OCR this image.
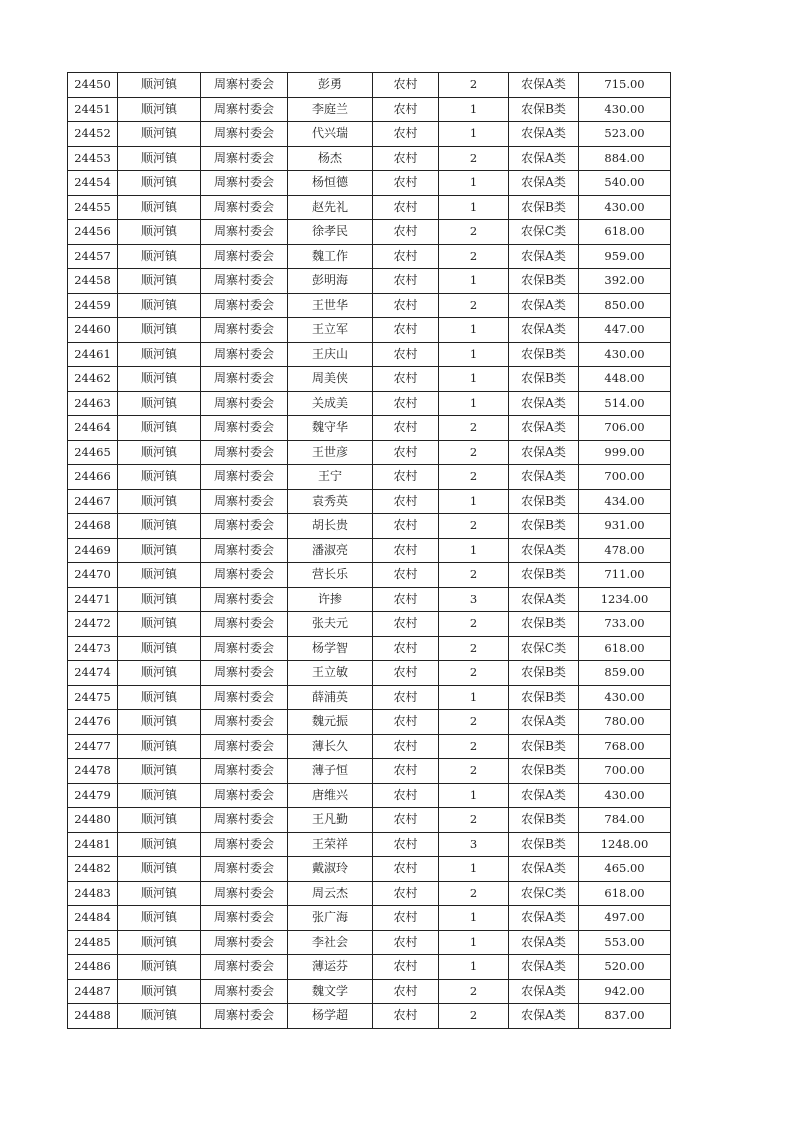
24450	顺河镇	周寨村委会	彭勇	农村	2	农保A类	715.00
24451	顺河镇	周寨村委会	李庭兰	农村	1	农保B类	430.00
24452	顺河镇	周寨村委会	代兴瑞	农村	1	农保A类	523.00
24453	顺河镇	周寨村委会	杨杰	农村	2	农保A类	884.00
24454	顺河镇	周寨村委会	杨恒德	农村	1	农保A类	540.00
24455	顺河镇	周寨村委会	赵先礼	农村	1	农保B类	430.00
24456	顺河镇	周寨村委会	徐孝民	农村	2	农保C类	618.00
24457	顺河镇	周寨村委会	魏工作	农村	2	农保A类	959.00
24458	顺河镇	周寨村委会	彭明海	农村	1	农保B类	392.00
24459	顺河镇	周寨村委会	王世华	农村	2	农保A类	850.00
24460	顺河镇	周寨村委会	王立军	农村	1	农保A类	447.00
24461	顺河镇	周寨村委会	王庆山	农村	1	农保B类	430.00
24462	顺河镇	周寨村委会	周美侠	农村	1	农保B类	448.00
24463	顺河镇	周寨村委会	关成美	农村	1	农保A类	514.00
24464	顺河镇	周寨村委会	魏守华	农村	2	农保A类	706.00
24465	顺河镇	周寨村委会	王世彦	农村	2	农保A类	999.00
24466	顺河镇	周寨村委会	王宁	农村	2	农保A类	700.00
24467	顺河镇	周寨村委会	袁秀英	农村	1	农保B类	434.00
24468	顺河镇	周寨村委会	胡长贵	农村	2	农保B类	931.00
24469	顺河镇	周寨村委会	潘淑亮	农村	1	农保A类	478.00
24470	顺河镇	周寨村委会	营长乐	农村	2	农保B类	711.00
24471	顺河镇	周寨村委会	许掺	农村	3	农保A类	1234.00
24472	顺河镇	周寨村委会	张夫元	农村	2	农保B类	733.00
24473	顺河镇	周寨村委会	杨学智	农村	2	农保C类	618.00
24474	顺河镇	周寨村委会	王立敏	农村	2	农保B类	859.00
24475	顺河镇	周寨村委会	薛浦英	农村	1	农保B类	430.00
24476	顺河镇	周寨村委会	魏元振	农村	2	农保A类	780.00
24477	顺河镇	周寨村委会	薄长久	农村	2	农保B类	768.00
24478	顺河镇	周寨村委会	薄子恒	农村	2	农保B类	700.00
24479	顺河镇	周寨村委会	唐维兴	农村	1	农保A类	430.00
24480	顺河镇	周寨村委会	王凡勤	农村	2	农保B类	784.00
24481	顺河镇	周寨村委会	王荣祥	农村	3	农保B类	1248.00
24482	顺河镇	周寨村委会	戴淑玲	农村	1	农保A类	465.00
24483	顺河镇	周寨村委会	周云杰	农村	2	农保C类	618.00
24484	顺河镇	周寨村委会	张广海	农村	1	农保A类	497.00
24485	顺河镇	周寨村委会	李社会	农村	1	农保A类	553.00
24486	顺河镇	周寨村委会	薄运芬	农村	1	农保A类	520.00
24487	顺河镇	周寨村委会	魏文学	农村	2	农保A类	942.00
24488	顺河镇	周寨村委会	杨学超	农村	2	农保A类	837.00
